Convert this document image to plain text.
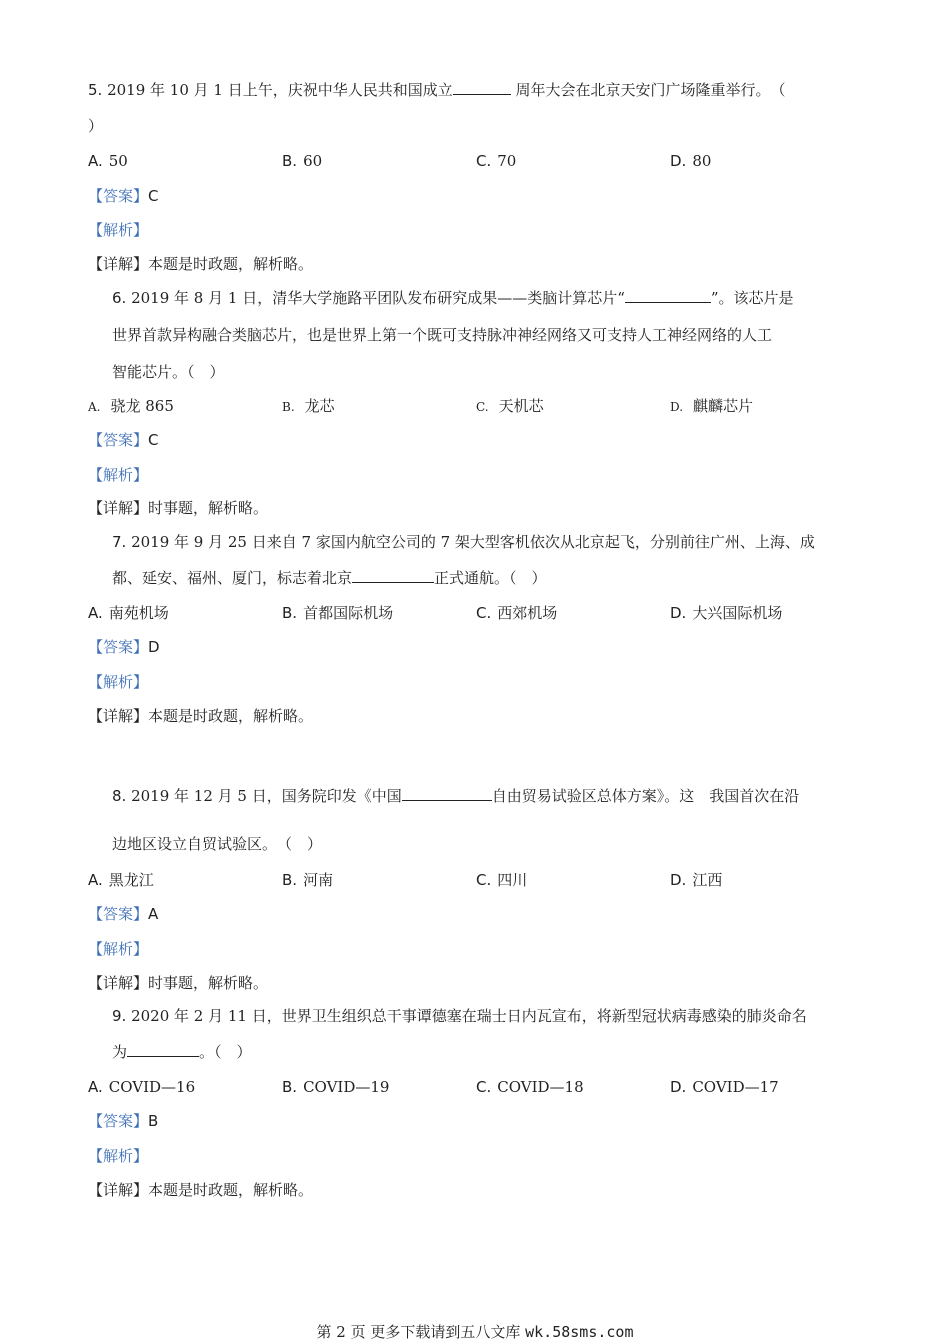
5. 2019 年 10 月 1 日上午，庆祝中华人民共和国成立	周年大会在北京天安门广场隆重举行。　（
）
A. 50	B. 60	C. 70	D. 80
【答案】C
【解析】
【详解】本题是时政题，解析略。
6. 2019 年 8 月 1 日，清华大学施路平团队发布研究成果——类脑计算芯片“	”。该芯片是
世界首款异构融合类脑芯片，也是世界上第一个既可支持脉冲神经网络又可支持人工神经网络的人工
智能芯片。（　）
A. 骁龙 865	B. 龙芯	C. 天机芯	D. 麒麟芯片
【答案】C
【解析】
【详解】时事题，解析略。
7. 2019 年 9 月 25 日来自 7 家国内航空公司的 7 架大型客机依次从北京起飞，分别前往广州、上海、成
都、延安、福州、厦门，标志着北京	正式通航。（　）
A. 南苑机场	B. 首都国际机场	C. 西郊机场	D. 大兴国际机场
【答案】D
【解析】
【详解】本题是时政题，解析略。
8. 2019 年 12 月 5 日，国务院印发《中国	自由贸易试验区总体方案》。这　我国首次在沿
边地区设立自贸试验区。　（　）
A. 黑龙江	B. 河南	C. 四川	D. 江西
【答案】A
【解析】
【详解】时事题，解析略。
9. 2020 年 2 月 11 日，世界卫生组织总干事谭德塞在瑞士日内瓦宣布，将新型冠状病毒感染的肺炎命名
为	。（　）
A. COVID—16	B. COVID—19	C. COVID—18	D. COVID—17
【答案】B
【解析】
【详解】本题是时政题，解析略。
第 2 页 更多下载请到五八文库 wk.58sms.com
